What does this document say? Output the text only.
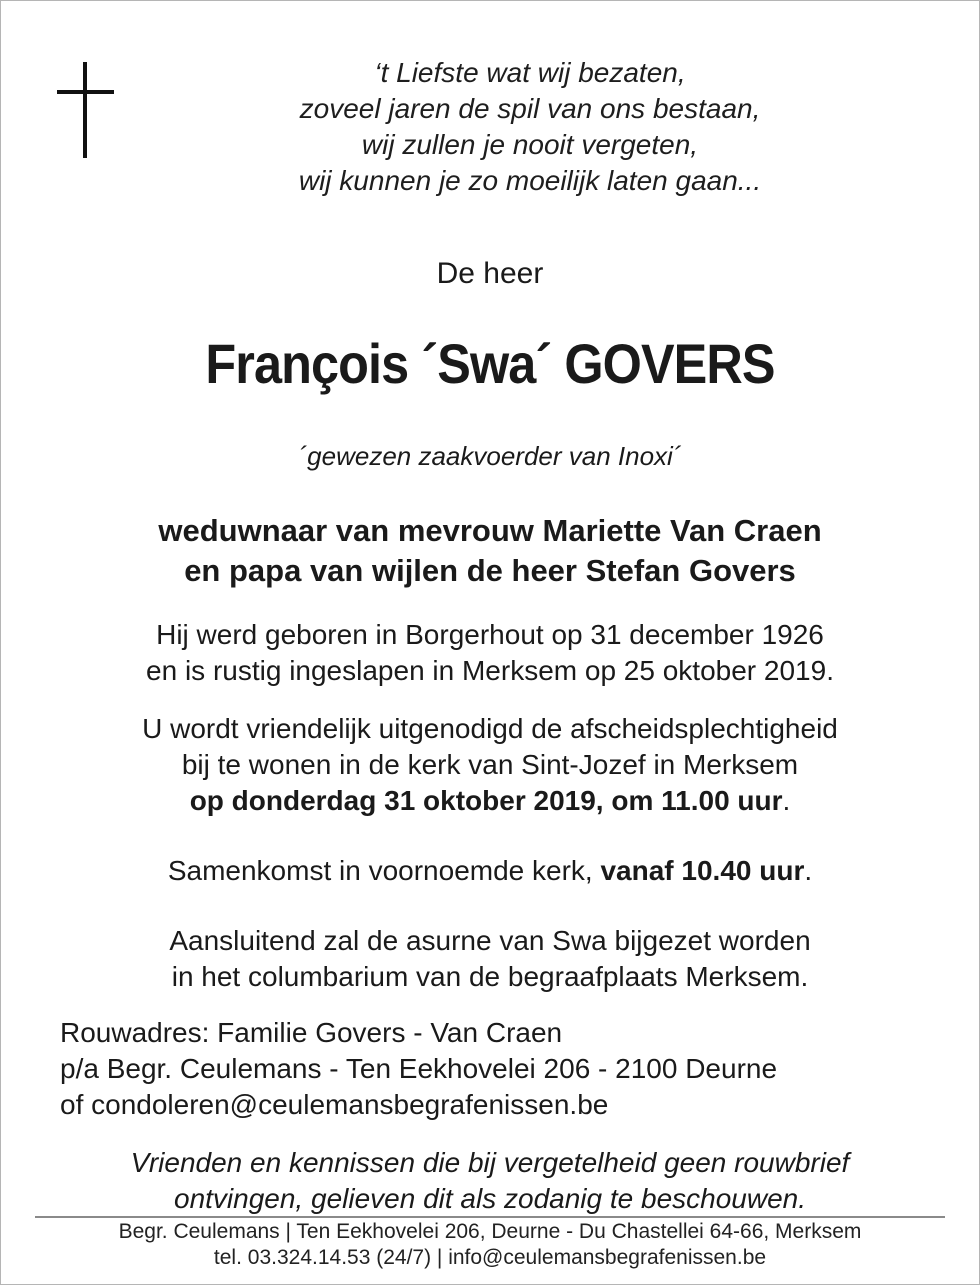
‘t Liefste wat wij bezaten,
zoveel jaren de spil van ons bestaan,
wij zullen je nooit vergeten,
wij kunnen je zo moeilijk laten gaan...
De heer
François ´Swa´ GOVERS
´gewezen zaakvoerder van Inoxi´
weduwnaar van mevrouw Mariette Van Craen
en papa van wijlen de heer Stefan Govers
Hij werd geboren in Borgerhout op 31 december 1926
en is rustig ingeslapen in Merksem op 25 oktober 2019.
U wordt vriendelijk uitgenodigd de afscheidsplechtigheid
bij te wonen in de kerk van Sint-Jozef in Merksem
op donderdag 31 oktober 2019, om 11.00 uur.
Samenkomst in voornoemde kerk, vanaf 10.40 uur.
Aansluitend zal de asurne van Swa bijgezet worden
in het columbarium van de begraafplaats Merksem.
Rouwadres: Familie Govers - Van Craen
p/a Begr. Ceulemans - Ten Eekhovelei 206 - 2100 Deurne
of condoleren@ceulemansbegrafenissen.be
Vrienden en kennissen die bij vergetelheid geen rouwbrief
ontvingen, gelieven dit als zodanig te beschouwen.
Begr. Ceulemans | Ten Eekhovelei 206, Deurne - Du Chastellei 64-66, Merksem
tel. 03.324.14.53 (24/7) | info@ceulemansbegrafenissen.be
